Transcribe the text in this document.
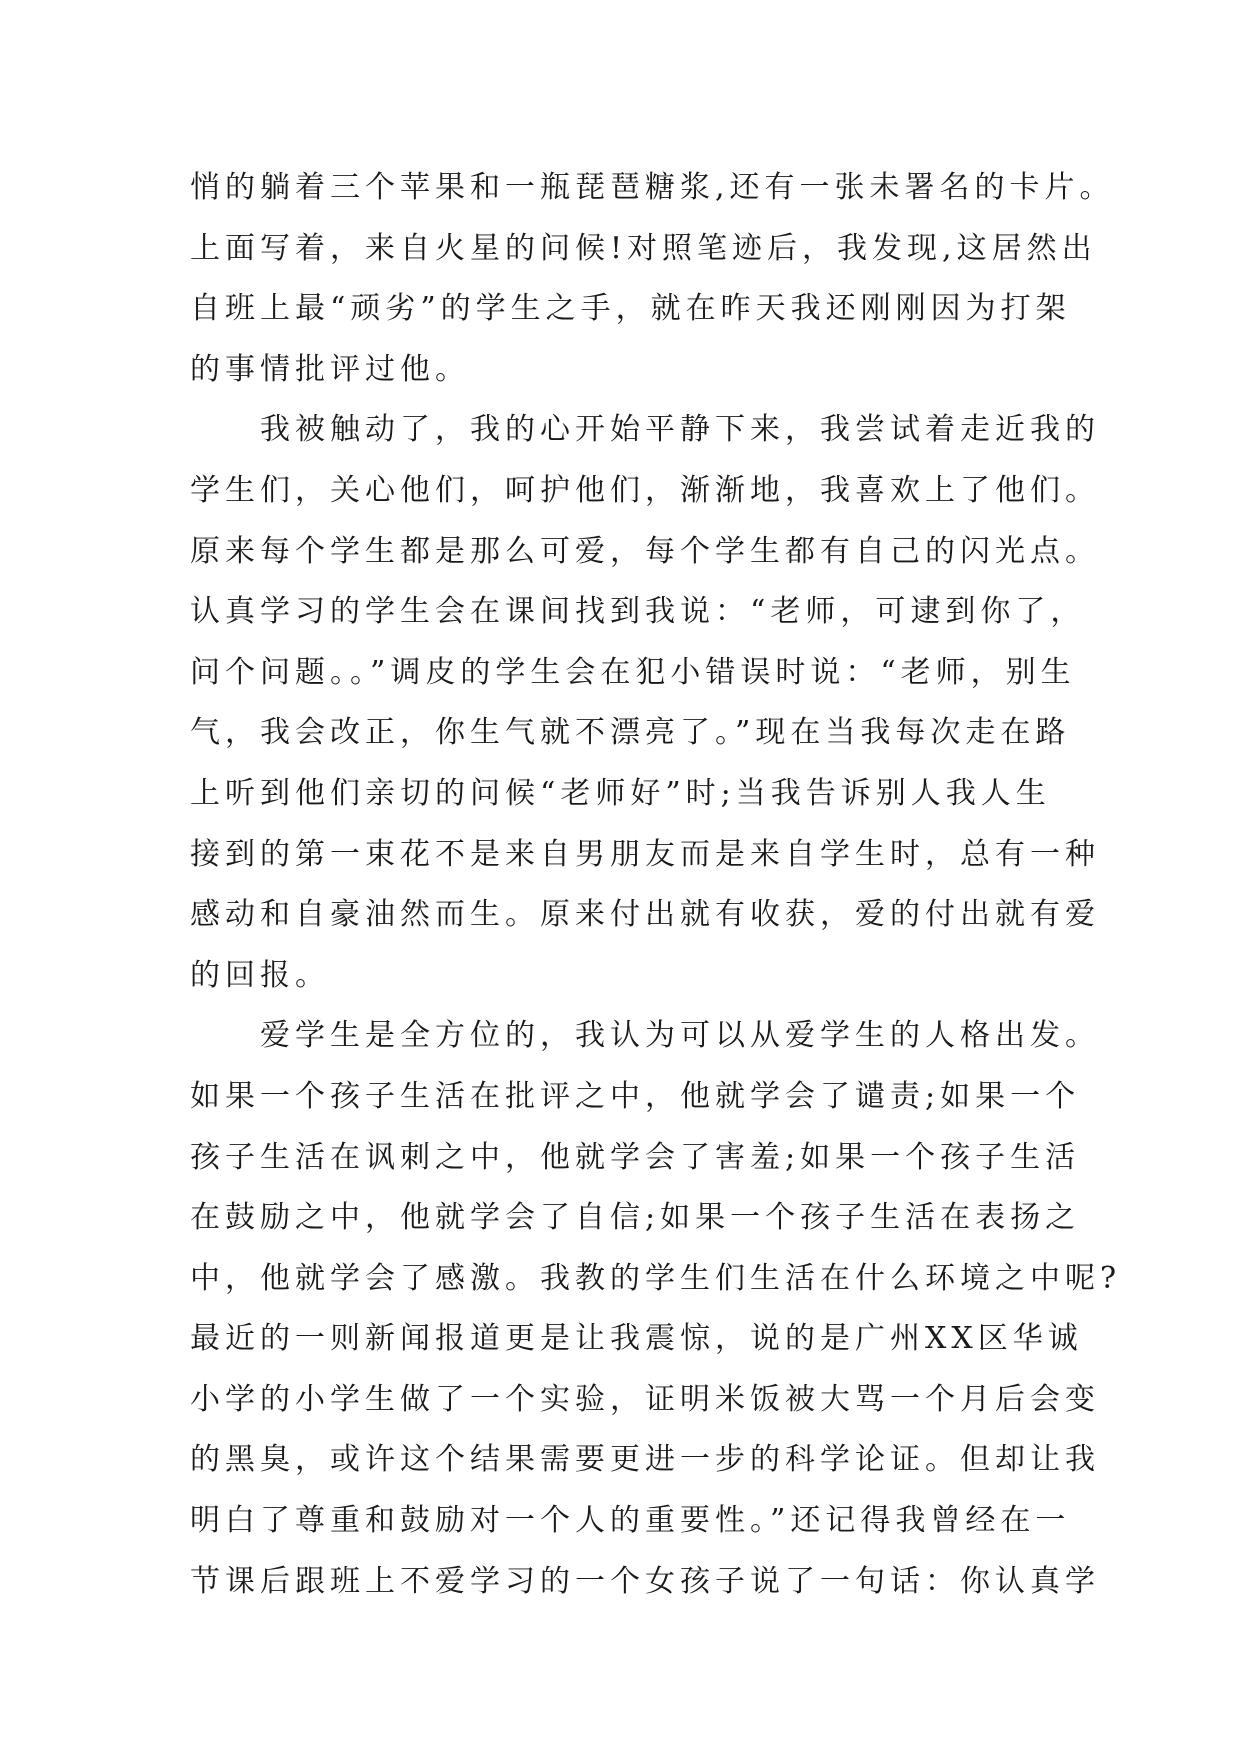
悄的躺着三个苹果和一瓶琵琶糖浆,还有一张未署名的卡片。
上面写着，来自火星的问候!对照笔迹后，我发现,这居然出
自班上最“顽劣”的学生之手，就在昨天我还刚刚因为打架
的事情批评过他。
　　我被触动了，我的心开始平静下来，我尝试着走近我的
学生们，关心他们，呵护他们，渐渐地，我喜欢上了他们。
原来每个学生都是那么可爱，每个学生都有自己的闪光点。
认真学习的学生会在课间找到我说：“老师，可逮到你了，
问个问题。。”调皮的学生会在犯小错误时说：“老师，别生
气，我会改正，你生气就不漂亮了。”现在当我每次走在路
上听到他们亲切的问候“老师好”时;当我告诉别人我人生
接到的第一束花不是来自男朋友而是来自学生时，总有一种
感动和自豪油然而生。原来付出就有收获，爱的付出就有爱
的回报。
　　爱学生是全方位的，我认为可以从爱学生的人格出发。
如果一个孩子生活在批评之中，他就学会了谴责;如果一个
孩子生活在讽刺之中，他就学会了害羞;如果一个孩子生活
在鼓励之中，他就学会了自信;如果一个孩子生活在表扬之
中，他就学会了感激。我教的学生们生活在什么环境之中呢?
最近的一则新闻报道更是让我震惊，说的是广州XX区华诚
小学的小学生做了一个实验，证明米饭被大骂一个月后会变
的黑臭，或许这个结果需要更进一步的科学论证。但却让我
明白了尊重和鼓励对一个人的重要性。”还记得我曾经在一
节课后跟班上不爱学习的一个女孩子说了一句话：你认真学
